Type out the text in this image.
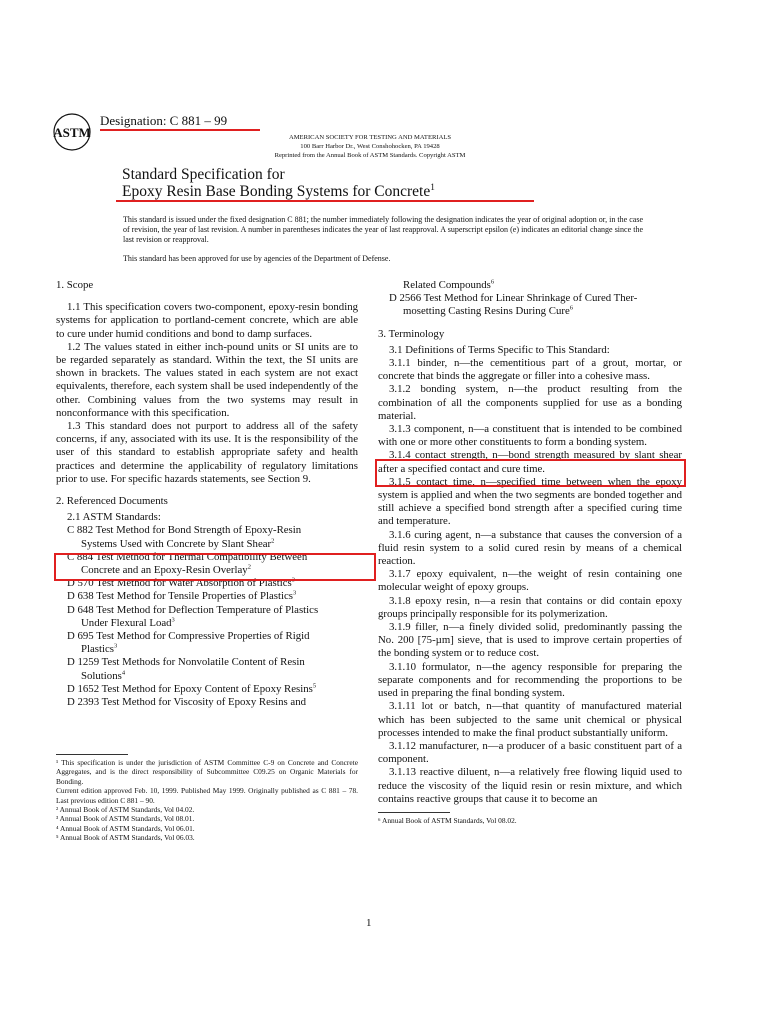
ASTM
Designation: C 881 – 99
AMERICAN SOCIETY FOR TESTING AND MATERIALS
100 Barr Harbor Dr., West Conshohocken, PA 19428
Reprinted from the Annual Book of ASTM Standards. Copyright ASTM
Standard Specification for
Epoxy Resin Base Bonding Systems for Concrete$^1$
This standard is issued under the fixed designation C 881; the number immediately following the designation indicates the year of original adoption or, in the case of revision, the year of last revision. A number in parentheses indicates the year of last reapproval. A superscript epsilon (e) indicates an editorial change since the last revision or reapproval.
This standard has been approved for use by agencies of the Department of Defense.
1. Scope

1.1 This specification covers two-component, epoxy-resin bonding systems for application to portland-cement concrete, which are able to cure under humid conditions and bond to damp surfaces.

1.2 The values stated in either inch-pound units or SI units are to be regarded separately as standard. Within the text, the SI units are shown in brackets. The values stated in each system are not exact equivalents, therefore, each system shall be used independently of the other. Combining values from the two systems may result in nonconformance with this specification.

1.3 This standard does not purport to address all of the safety concerns, if any, associated with its use. It is the responsibility of the user of this standard to establish appropriate safety and health practices and determine the applicability of regulatory limitations prior to use. For specific hazards statements, see Section 9.

2. Referenced Documents

2.1 ASTM Standards:

C 882 Test Method for Bond Strength of Epoxy-Resin
Systems Used with Concrete by Slant Shear$^2$

C 884 Test Method for Thermal Compatibility Between
Concrete and an Epoxy-Resin Overlay$^2$

D 570 Test Method for Water Absorption of Plastics$^3$

D 638 Test Method for Tensile Properties of Plastics$^3$

D 648 Test Method for Deflection Temperature of Plastics
Under Flexural Load$^3$

D 695 Test Method for Compressive Properties of Rigid
Plastics$^3$

D 1259 Test Methods for Nonvolatile Content of Resin
Solutions$^4$

D 1652 Test Method for Epoxy Content of Epoxy Resins$^5$

D 2393 Test Method for Viscosity of Epoxy Resins and

¹ This specification is under the jurisdiction of ASTM Committee C-9 on Concrete and Concrete Aggregates, and is the direct responsibility of Subcommittee C09.25 on Organic Materials for Bonding.

Current edition approved Feb. 10, 1999. Published May 1999. Originally published as C 881 – 78. Last previous edition C 881 – 90.

² Annual Book of ASTM Standards, Vol 04.02.

³ Annual Book of ASTM Standards, Vol 08.01.

⁴ Annual Book of ASTM Standards, Vol 06.01.

⁵ Annual Book of ASTM Standards, Vol 06.03.

Related Compounds$^6$

D 2566 Test Method for Linear Shrinkage of Cured Ther-
mosetting Casting Resins During Cure$^6$

3. Terminology

3.1 Definitions of Terms Specific to This Standard:

3.1.1 binder, n—the cementitious part of a grout, mortar, or concrete that binds the aggregate or filler into a cohesive mass.

3.1.2 bonding system, n—the product resulting from the combination of all the components supplied for use as a bonding material.

3.1.3 component, n—a constituent that is intended to be combined with one or more other constituents to form a bonding system.

3.1.4 contact strength, n—bond strength measured by slant shear after a specified contact and cure time.

3.1.5 contact time, n—specified time between when the epoxy system is applied and when the two segments are bonded together and still achieve a specified bond strength after a specified curing time and temperature.

3.1.6 curing agent, n—a substance that causes the conversion of a fluid resin system to a solid cured resin by means of a chemical reaction.

3.1.7 epoxy equivalent, n—the weight of resin containing one molecular weight of epoxy groups.

3.1.8 epoxy resin, n—a resin that contains or did contain epoxy groups principally responsible for its polymerization.

3.1.9 filler, n—a finely divided solid, predominantly passing the No. 200 [75-µm] sieve, that is used to improve certain properties of the bonding system or to reduce cost.

3.1.10 formulator, n—the agency responsible for preparing the separate components and for recommending the proportions to be used in preparing the final bonding system.

3.1.11 lot or batch, n—that quantity of manufactured material which has been subjected to the same unit chemical or physical processes intended to make the final product substantially uniform.

3.1.12 manufacturer, n—a producer of a basic constituent part of a component.

3.1.13 reactive diluent, n—a relatively free flowing liquid used to reduce the viscosity of the liquid resin or resin mixture, and which contains reactive groups that cause it to become an

⁶ Annual Book of ASTM Standards, Vol 08.02.

1
